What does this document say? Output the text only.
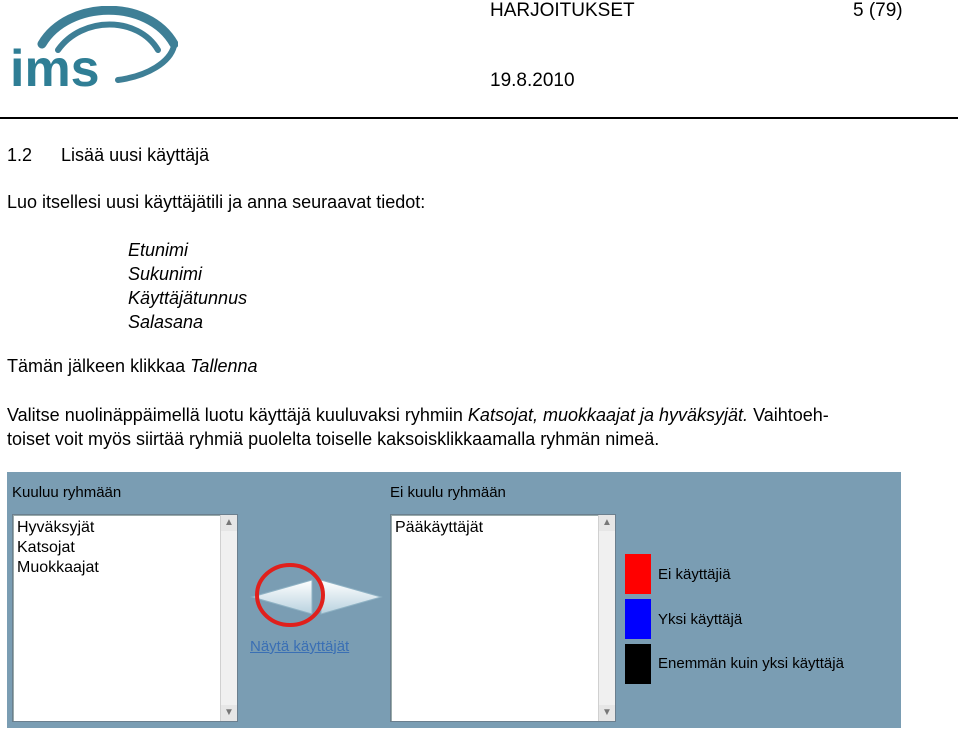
ims
HARJOITUKSET	5 (79)
19.8.2010
1.2 Lisää uusi käyttäjä
Luo itsellesi uusi käyttäjätili ja anna seuraavat tiedot:
Etunimi
Sukunimi
Käyttäjätunnus
Salasana
Tämän jälkeen klikkaa Tallenna
Valitse nuolinäppäimellä luotu käyttäjä kuuluvaksi ryhmiin Katsojat, muokkaajat ja hyväksyjät. Vaihtoeh-
toiset voit myös siirtää ryhmiä puolelta toiselle kaksoisklikkaamalla ryhmän nimeä.
Kuuluu ryhmään
Hyväksyjät
Katsojat
Muokkaajat
▲
▼
Näytä käyttäjät
Ei kuulu ryhmään
Pääkäyttäjät	▲
▼
Ei käyttäjiä
Yksi käyttäjä
Enemmän kuin yksi käyttäjä
